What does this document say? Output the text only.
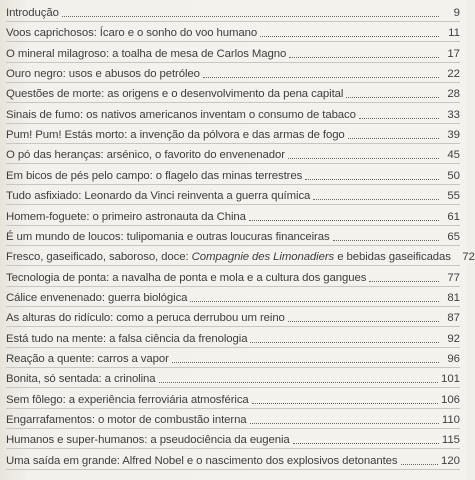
Introdução	9
Voos caprichosos: Ícaro e o sonho do voo humano	11
O mineral milagroso: a toalha de mesa de Carlos Magno	17
Ouro negro: usos e abusos do petróleo	22
Questões de morte: as origens e o desenvolvimento da pena capital	28
Sinais de fumo: os nativos americanos inventam o consumo de tabaco	33
Pum! Pum! Estás morto: a invenção da pólvora e das armas de fogo	39
O pó das heranças: arsénico, o favorito do envenenador	45
Em bicos de pés pelo campo: o flagelo das minas terrestres	50
Tudo asfixiado: Leonardo da Vinci reinventa a guerra química	55
Homem-foguete: o primeiro astronauta da China	61
É um mundo de loucos: tulipomania e outras loucuras financeiras	65
Fresco, gaseificado, saboroso, doce: Compagnie des Limonadiers e bebidas gaseificadas 72
Tecnologia de ponta: a navalha de ponta e mola e a cultura dos gangues	77
Cálice envenenado: guerra biológica	81
As alturas do ridículo: como a peruca derrubou um reino	87
Está tudo na mente: a falsa ciência da frenologia	92
Reação a quente: carros a vapor	96
Bonita, só sentada: a crinolina	101
Sem fôlego: a experiência ferroviária atmosférica	106
Engarrafamentos: o motor de combustão interna	110
Humanos e super-humanos: a pseudociência da eugenia	115
Uma saída em grande: Alfred Nobel e o nascimento dos explosivos detonantes	120
